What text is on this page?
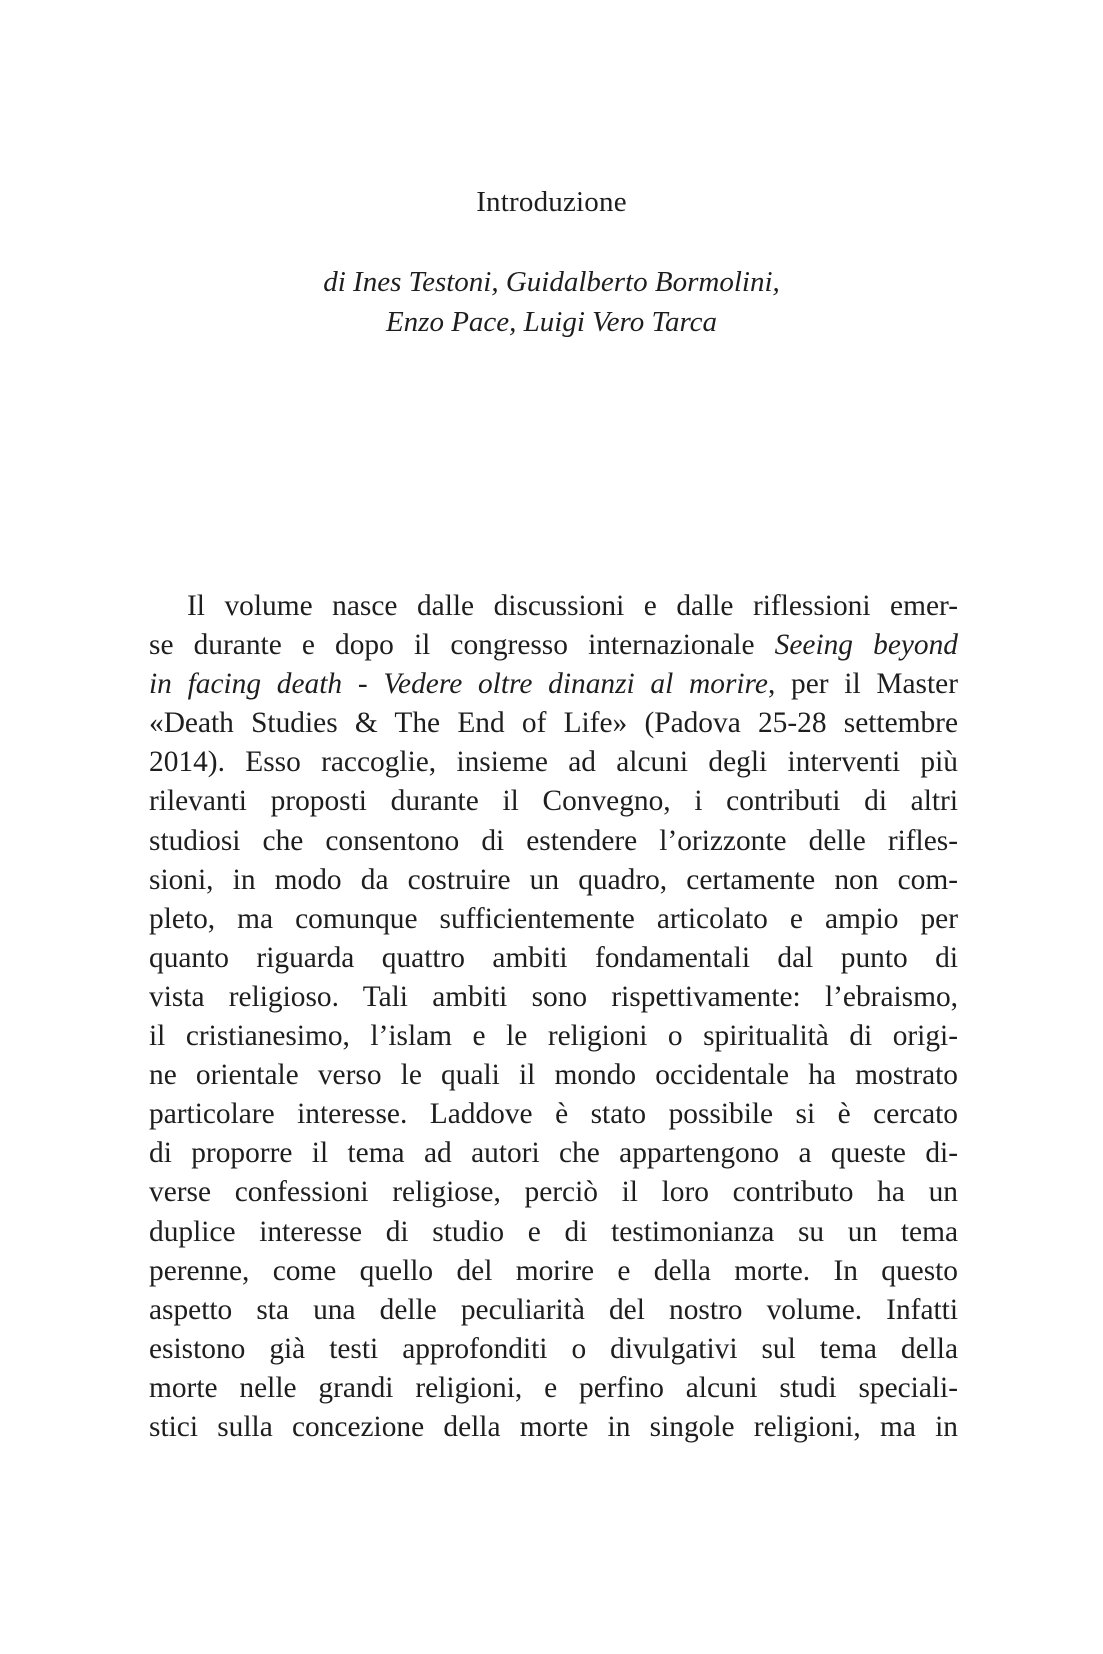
Introduzione
di Ines Testoni, Guidalberto Bormolini,
Enzo Pace, Luigi Vero Tarca
Il volume nasce dalle discussioni e dalle riflessioni emer-
se durante e dopo il congresso internazionale Seeing beyond
in facing death - Vedere oltre dinanzi al morire, per il Master
«Death Studies & The End of Life» (Padova 25-28 settembre
2014). Esso raccoglie, insieme ad alcuni degli interventi più
rilevanti proposti durante il Convegno, i contributi di altri
studiosi che consentono di estendere l’orizzonte delle rifles-
sioni, in modo da costruire un quadro, certamente non com-
pleto, ma comunque sufficientemente articolato e ampio per
quanto riguarda quattro ambiti fondamentali dal punto di
vista religioso. Tali ambiti sono rispettivamente: l’ebraismo,
il cristianesimo, l’islam e le religioni o spiritualità di origi-
ne orientale verso le quali il mondo occidentale ha mostrato
particolare interesse. Laddove è stato possibile si è cercato
di proporre il tema ad autori che appartengono a queste di-
verse confessioni religiose, perciò il loro contributo ha un
duplice interesse di studio e di testimonianza su un tema
perenne, come quello del morire e della morte. In questo
aspetto sta una delle peculiarità del nostro volume. Infatti
esistono già testi approfonditi o divulgativi sul tema della
morte nelle grandi religioni, e perfino alcuni studi speciali-
stici sulla concezione della morte in singole religioni, ma in
